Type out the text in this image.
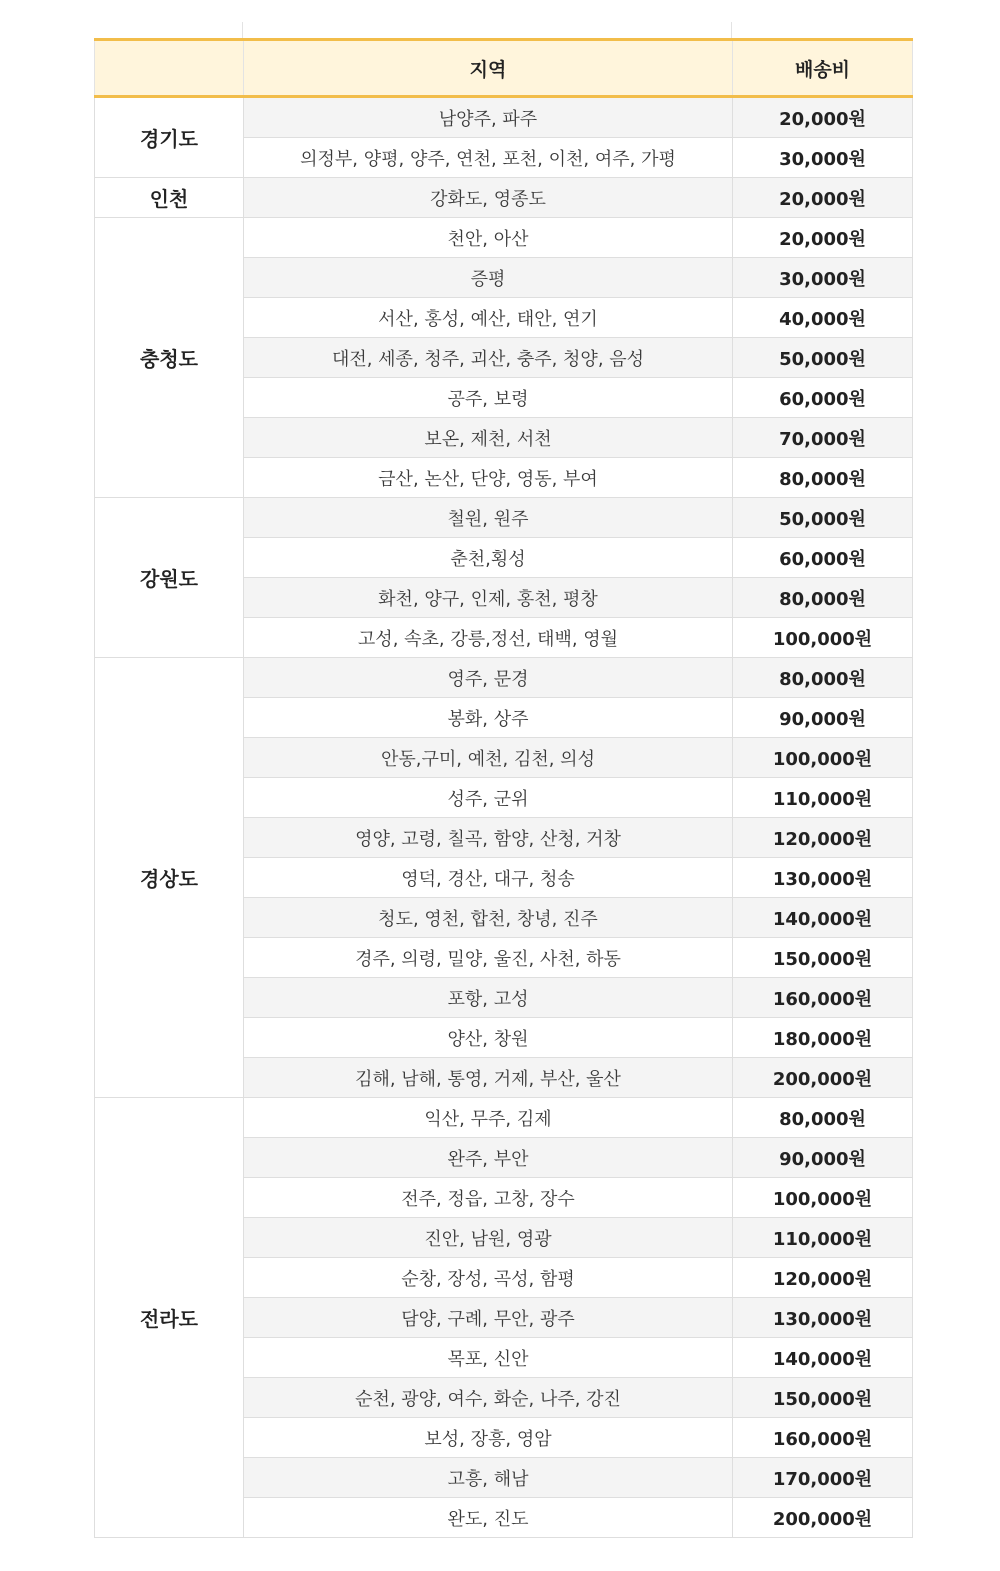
	지역	배송비
경기도	남양주, 파주	20,000원
	의정부, 양평, 양주, 연천, 포천, 이천, 여주, 가평	30,000원
인천	강화도, 영종도	20,000원
충청도	천안, 아산	20,000원
	증평	30,000원
	서산, 홍성, 예산, 태안, 연기	40,000원
	대전, 세종, 청주, 괴산, 충주, 청양, 음성	50,000원
	공주, 보령	60,000원
	보온, 제천, 서천	70,000원
	금산, 논산, 단양, 영동, 부여	80,000원
강원도	철원, 원주	50,000원
	춘천,횡성	60,000원
	화천, 양구, 인제, 홍천, 평창	80,000원
	고성, 속초, 강릉,정선, 태백, 영월	100,000원
경상도	영주, 문경	80,000원
	봉화, 상주	90,000원
	안동,구미, 예천, 김천, 의성	100,000원
	성주, 군위	110,000원
	영양, 고령, 칠곡, 함양, 산청, 거창	120,000원
	영덕, 경산, 대구, 청송	130,000원
	청도, 영천, 합천, 창녕, 진주	140,000원
	경주, 의령, 밀양, 울진, 사천, 하동	150,000원
	포항, 고성	160,000원
	양산, 창원	180,000원
	김해, 남해, 통영, 거제, 부산, 울산	200,000원
전라도	익산, 무주, 김제	80,000원
	완주, 부안	90,000원
	전주, 정읍, 고창, 장수	100,000원
	진안, 남원, 영광	110,000원
	순창, 장성, 곡성, 함평	120,000원
	담양, 구례, 무안, 광주	130,000원
	목포, 신안	140,000원
	순천, 광양, 여수, 화순, 나주, 강진	150,000원
	보성, 장흥, 영암	160,000원
	고흥, 해남	170,000원
	완도, 진도	200,000원
